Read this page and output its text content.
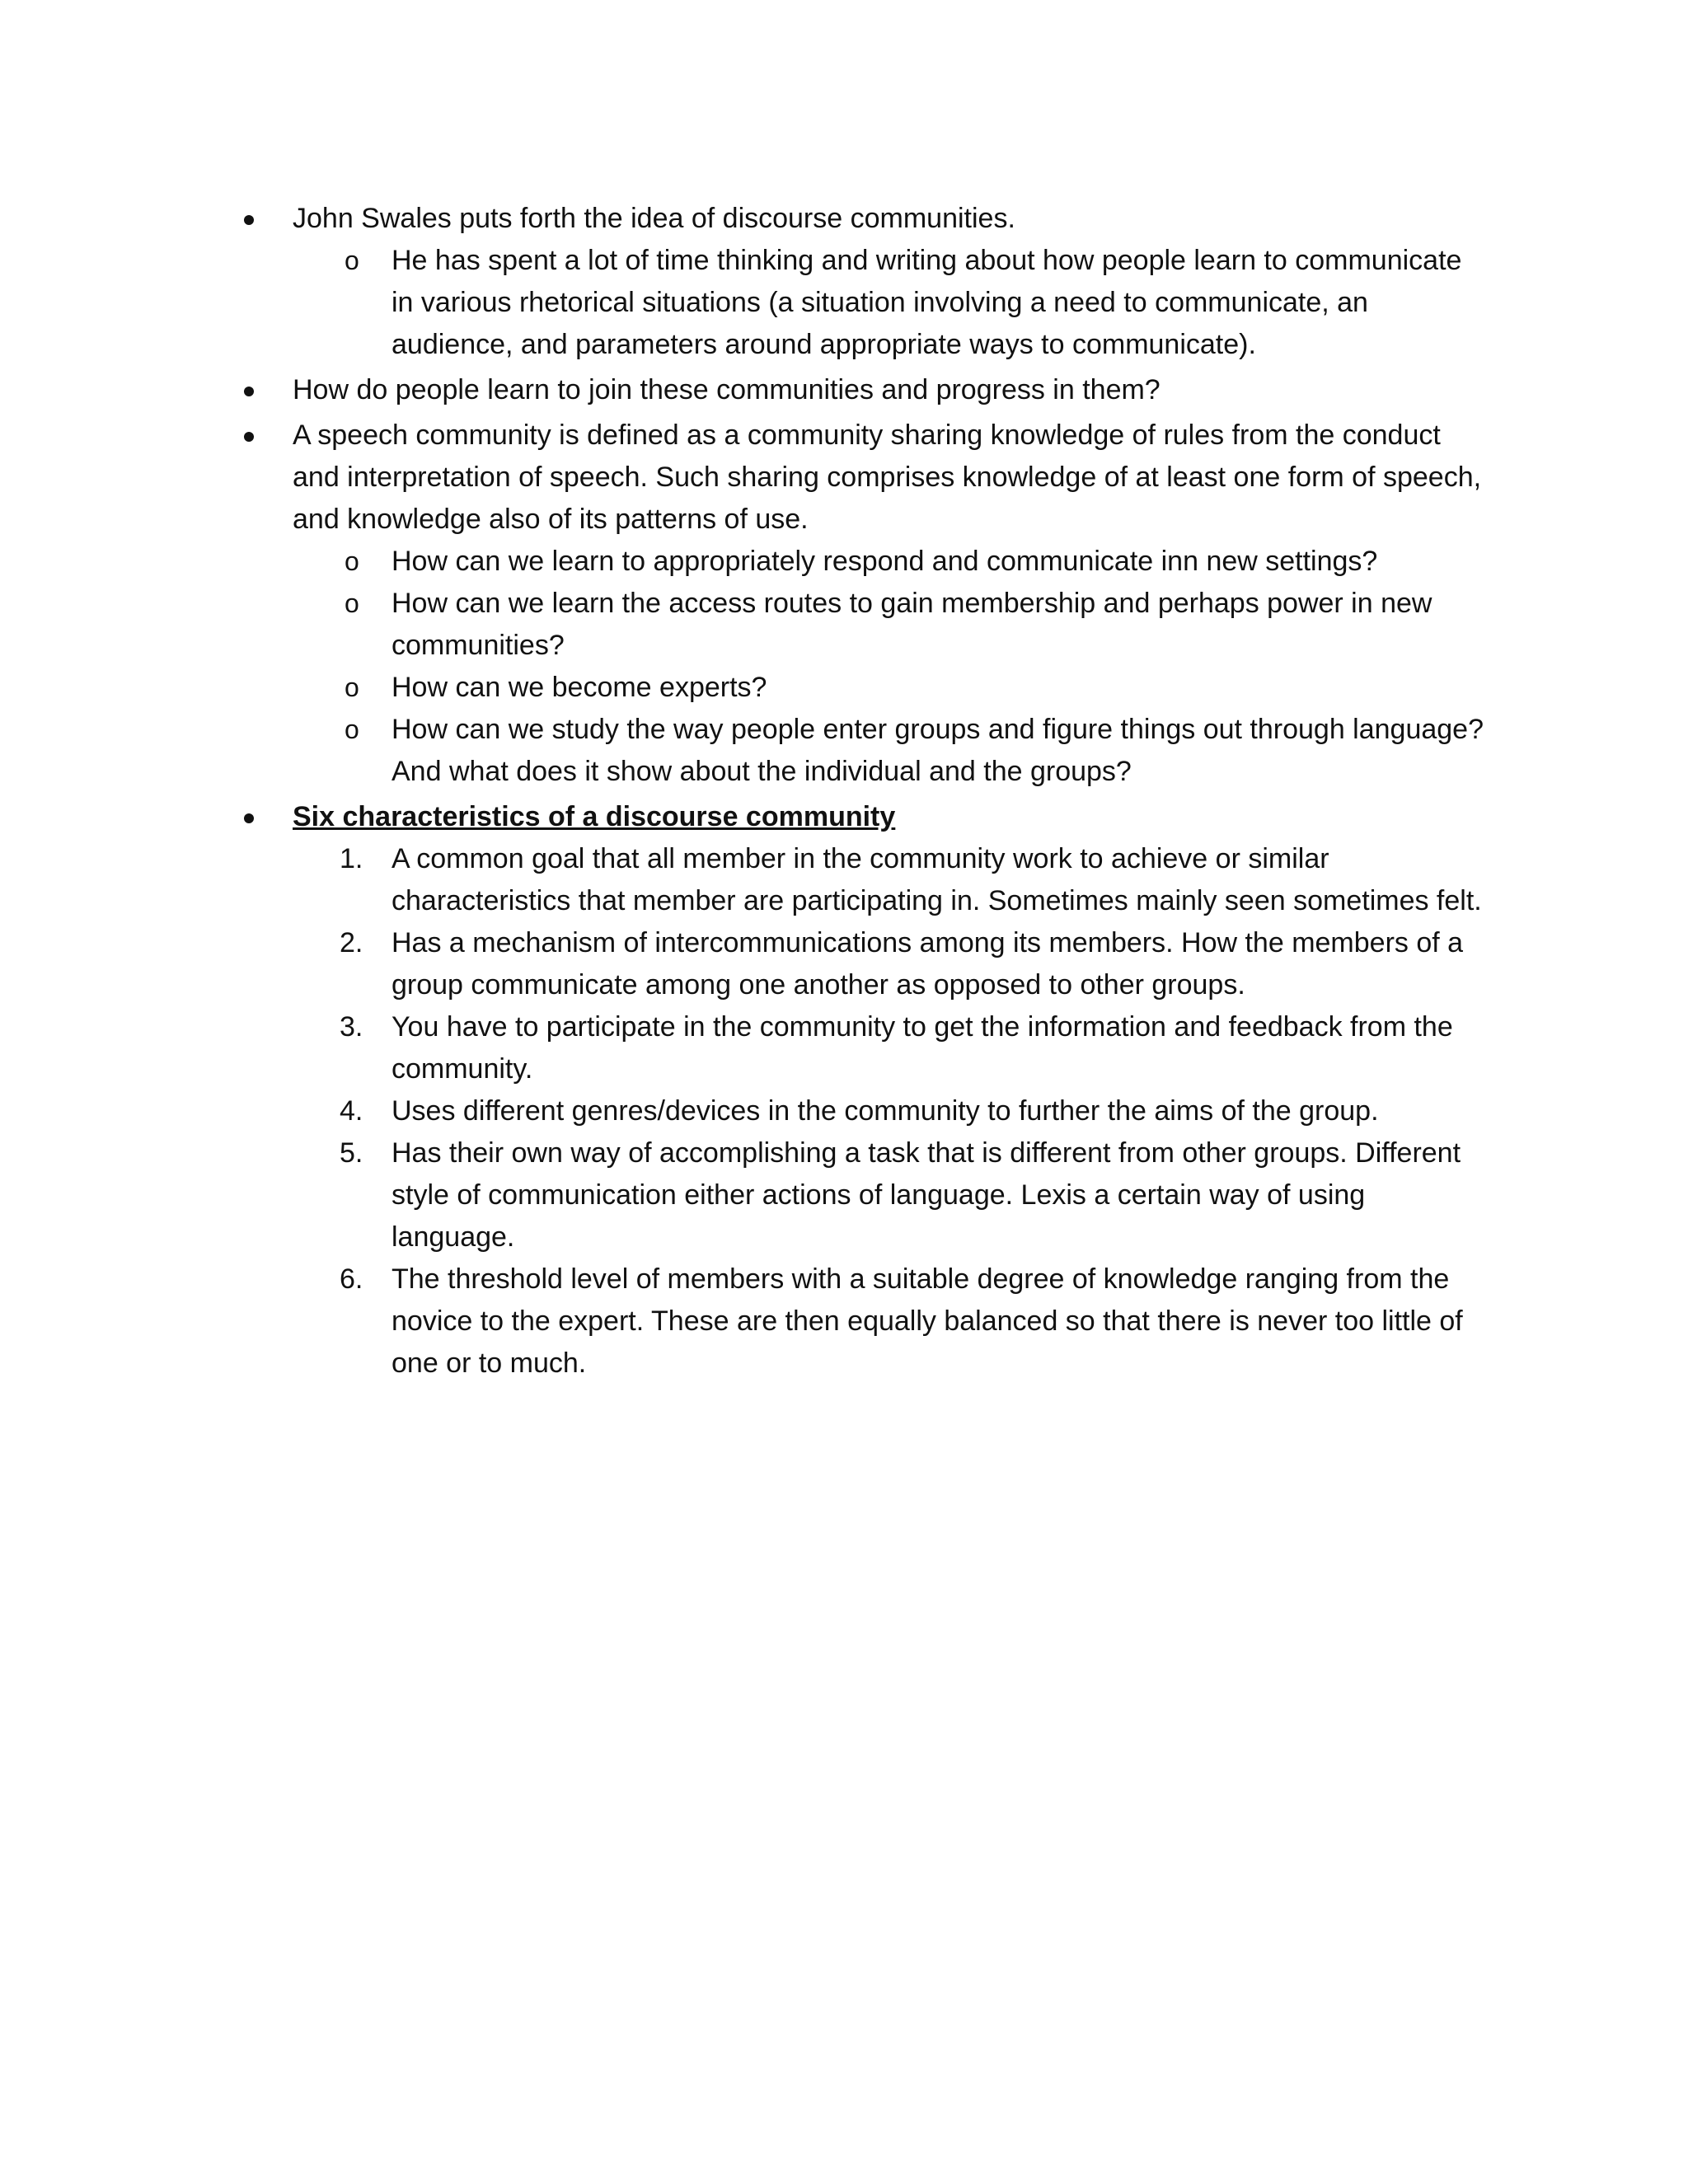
John Swales puts forth the idea of discourse communities.
o He has spent a lot of time thinking and writing about how people learn to communicate in various rhetorical situations (a situation involving a need to communicate, an audience, and parameters around appropriate ways to communicate).
How do people learn to join these communities and progress in them?
A speech community is defined as a community sharing knowledge of rules from the conduct and interpretation of speech. Such sharing comprises knowledge of at least one form of speech, and knowledge also of its patterns of use.
o How can we learn to appropriately respond and communicate inn new settings?
o How can we learn the access routes to gain membership and perhaps power in new communities?
o How can we become experts?
o How can we study the way people enter groups and figure things out through language? And what does it show about the individual and the groups?
Six characteristics of a discourse community
1.	A common goal that all member in the community work to achieve or similar characteristics that member are participating in. Sometimes mainly seen sometimes felt.
2.	Has a mechanism of intercommunications among its members. How the members of a group communicate among one another as opposed to other groups.
3.	You have to participate in the community to get the information and feedback from the community.
4.	Uses different genres/devices in the community to further the aims of the group.
5.	Has their own way of accomplishing a task that is different from other groups. Different style of communication either actions of language. Lexis a certain way of using language.
6.	The threshold level of members with a suitable degree of knowledge ranging from the novice to the expert. These are then equally balanced so that there is never too little of one or to much.
